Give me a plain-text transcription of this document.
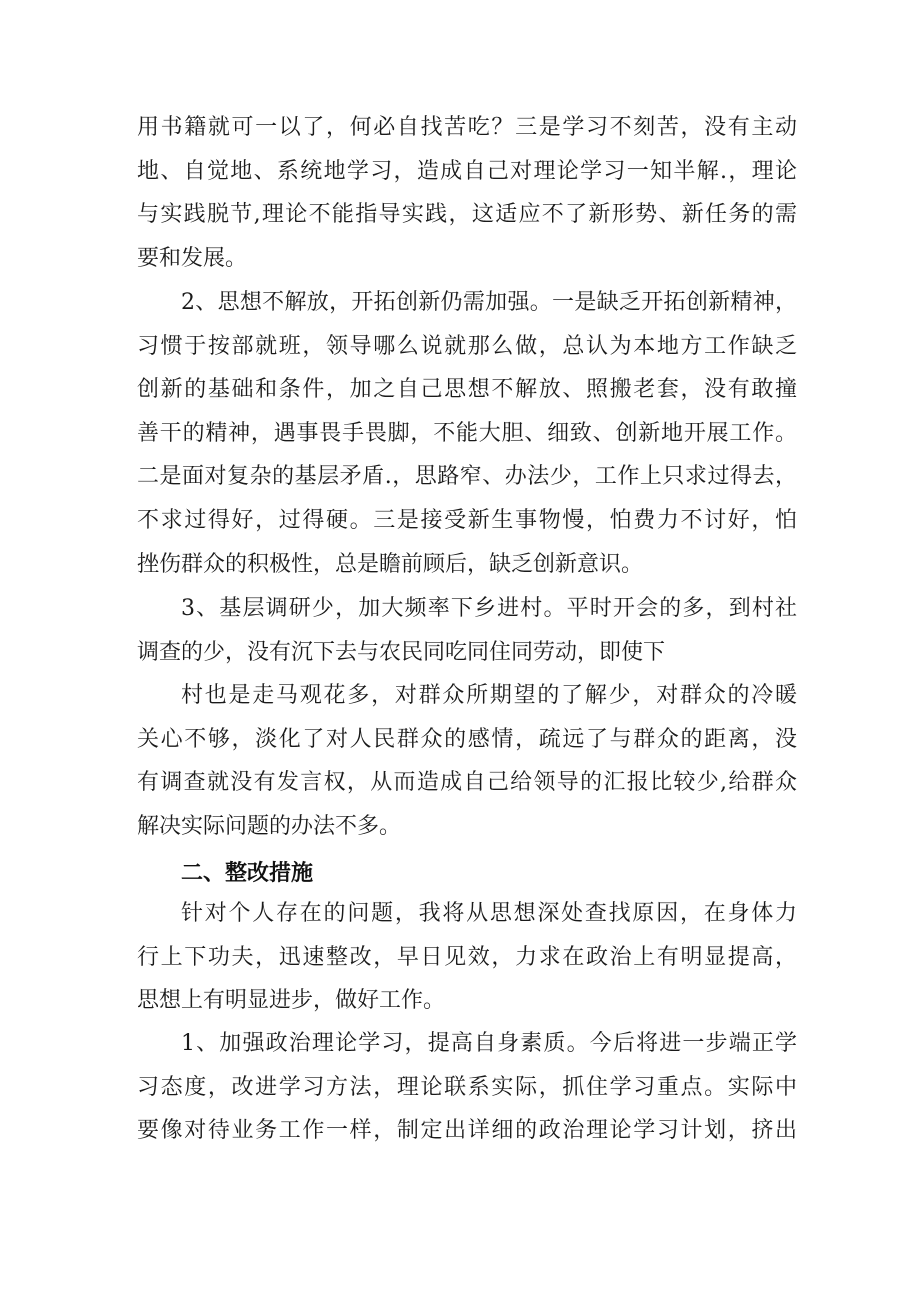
用书籍就可一以了，何必自找苦吃？三是学习不刻苦，没有主动
地、自觉地、系统地学习，造成自己对理论学习一知半解.，理论
与实践脱节,理论不能指导实践，这适应不了新形势、新任务的需
要和发展。
2、思想不解放，开拓创新仍需加强。一是缺乏开拓创新精神，
习惯于按部就班，领导哪么说就那么做，总认为本地方工作缺乏
创新的基础和条件，加之自己思想不解放、照搬老套，没有敢撞
善干的精神，遇事畏手畏脚，不能大胆、细致、创新地开展工作。
二是面对复杂的基层矛盾.，思路窄、办法少，工作上只求过得去，
不求过得好，过得硬。三是接受新生事物慢，怕费力不讨好，怕
挫伤群众的积极性，总是瞻前顾后，缺乏创新意识。
3、基层调研少，加大频率下乡进村。平时开会的多，到村社
调查的少，没有沉下去与农民同吃同住同劳动，即使下
村也是走马观花多，对群众所期望的了解少，对群众的冷暖
关心不够，淡化了对人民群众的感情，疏远了与群众的距离，没
有调查就没有发言权，从而造成自己给领导的汇报比较少,给群众
解决实际问题的办法不多。
二、整改措施
针对个人存在的问题，我将从思想深处查找原因，在身体力
行上下功夫，迅速整改，早日见效，力求在政治上有明显提高，
思想上有明显进步，做好工作。
1、加强政治理论学习，提高自身素质。今后将进一步端正学
习态度，改进学习方法，理论联系实际，抓住学习重点。实际中
要像对待业务工作一样，制定出详细的政治理论学习计划，挤出
